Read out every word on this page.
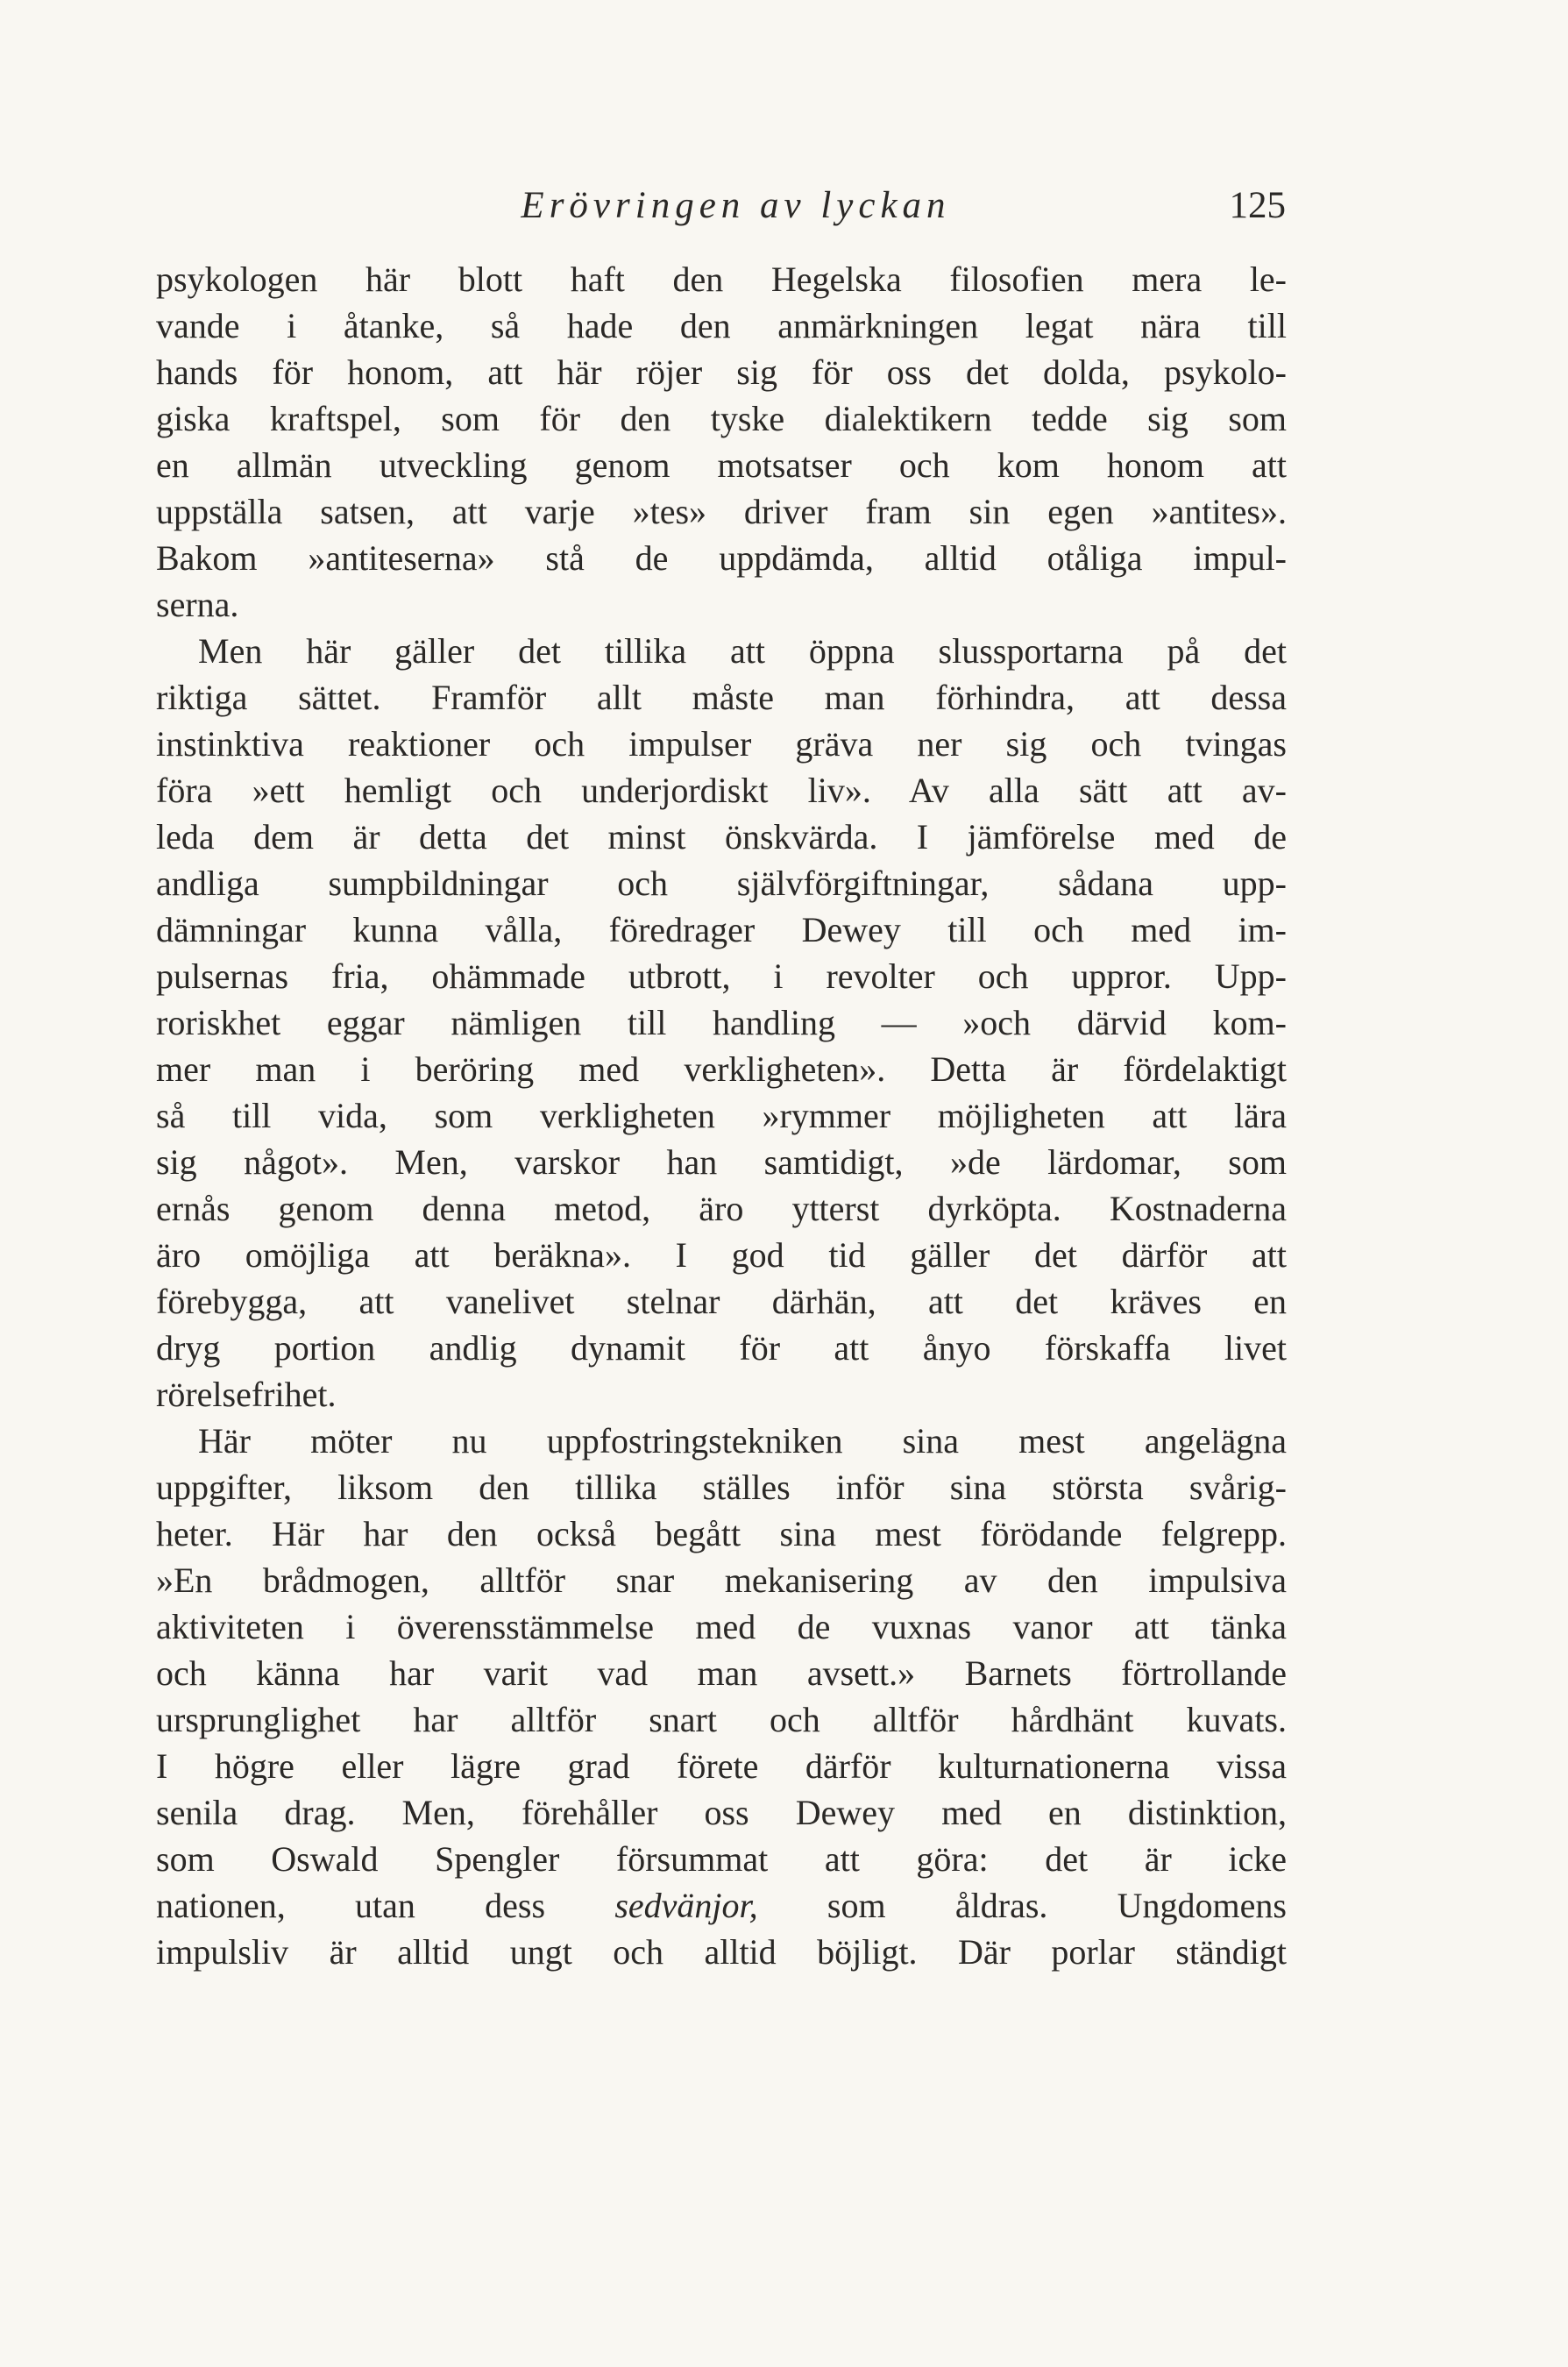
Erövringen av lyckan	125
psykologen här blott haft den Hegelska filosofien mera le-
vande i åtanke, så hade den anmärkningen legat nära till
hands för honom, att här röjer sig för oss det dolda, psykolo-
giska kraftspel, som för den tyske dialektikern tedde sig som
en allmän utveckling genom motsatser och kom honom att
uppställa satsen, att varje »tes» driver fram sin egen »antites».
Bakom »antiteserna» stå de uppdämda, alltid otåliga impul-
serna.
Men här gäller det tillika att öppna slussportarna på det
riktiga sättet. Framför allt måste man förhindra, att dessa
instinktiva reaktioner och impulser gräva ner sig och tvingas
föra »ett hemligt och underjordiskt liv». Av alla sätt att av-
leda dem är detta det minst önskvärda. I jämförelse med de
andliga sumpbildningar och självförgiftningar, sådana upp-
dämningar kunna vålla, föredrager Dewey till och med im-
pulsernas fria, ohämmade utbrott, i revolter och uppror. Upp-
roriskhet eggar nämligen till handling — »och därvid kom-
mer man i beröring med verkligheten». Detta är fördelaktigt
så till vida, som verkligheten »rymmer möjligheten att lära
sig något». Men, varskor han samtidigt, »de lärdomar, som
ernås genom denna metod, äro ytterst dyrköpta. Kostnaderna
äro omöjliga att beräkna». I god tid gäller det därför att
förebygga, att vanelivet stelnar därhän, att det kräves en
dryg portion andlig dynamit för att ånyo förskaffa livet
rörelsefrihet.
Här möter nu uppfostringstekniken sina mest angelägna
uppgifter, liksom den tillika ställes inför sina största svårig-
heter. Här har den också begått sina mest förödande felgrepp.
»En brådmogen, alltför snar mekanisering av den impulsiva
aktiviteten i överensstämmelse med de vuxnas vanor att tänka
och känna har varit vad man avsett.» Barnets förtrollande
ursprunglighet har alltför snart och alltför hårdhänt kuvats.
I högre eller lägre grad förete därför kulturnationerna vissa
senila drag. Men, förehåller oss Dewey med en distinktion,
som Oswald Spengler försummat att göra: det är icke
nationen, utan dess sedvänjor, som åldras. Ungdomens
impulsliv är alltid ungt och alltid böjligt. Där porlar ständigt
